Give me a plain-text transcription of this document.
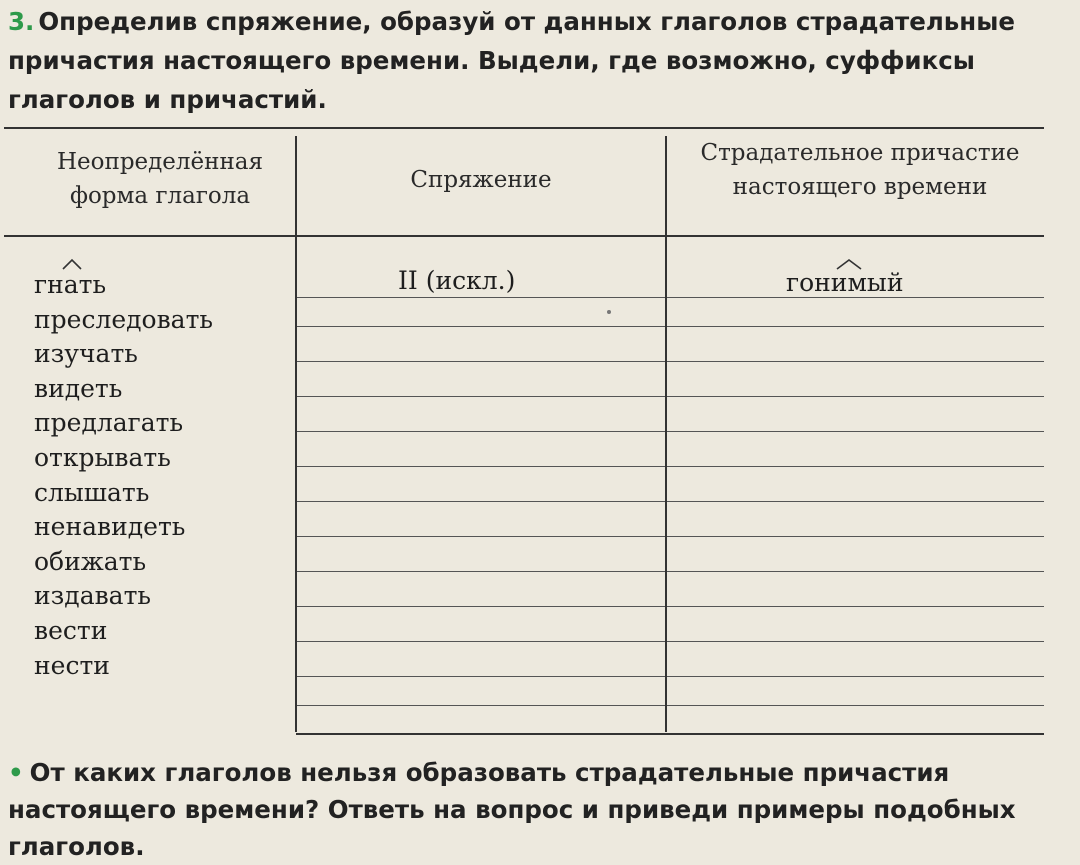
3. Определив спряжение, образуй от данных глаголов страдательные причастия настоящего времени. Выдели, где возможно, суффиксы глаголов и причастий.
Неопределённая форма глагола
Спряжение
Страдательное причастие настоящего времени
гнать
преследовать
изучать
видеть
предлагать
открывать
слышать
ненавидеть
обижать
издавать
вести
нести
II (искл.)	гонимый
• От каких глаголов нельзя образовать страдательные причастия настоящего времени? Ответь на вопрос и приведи примеры подобных глаголов.
